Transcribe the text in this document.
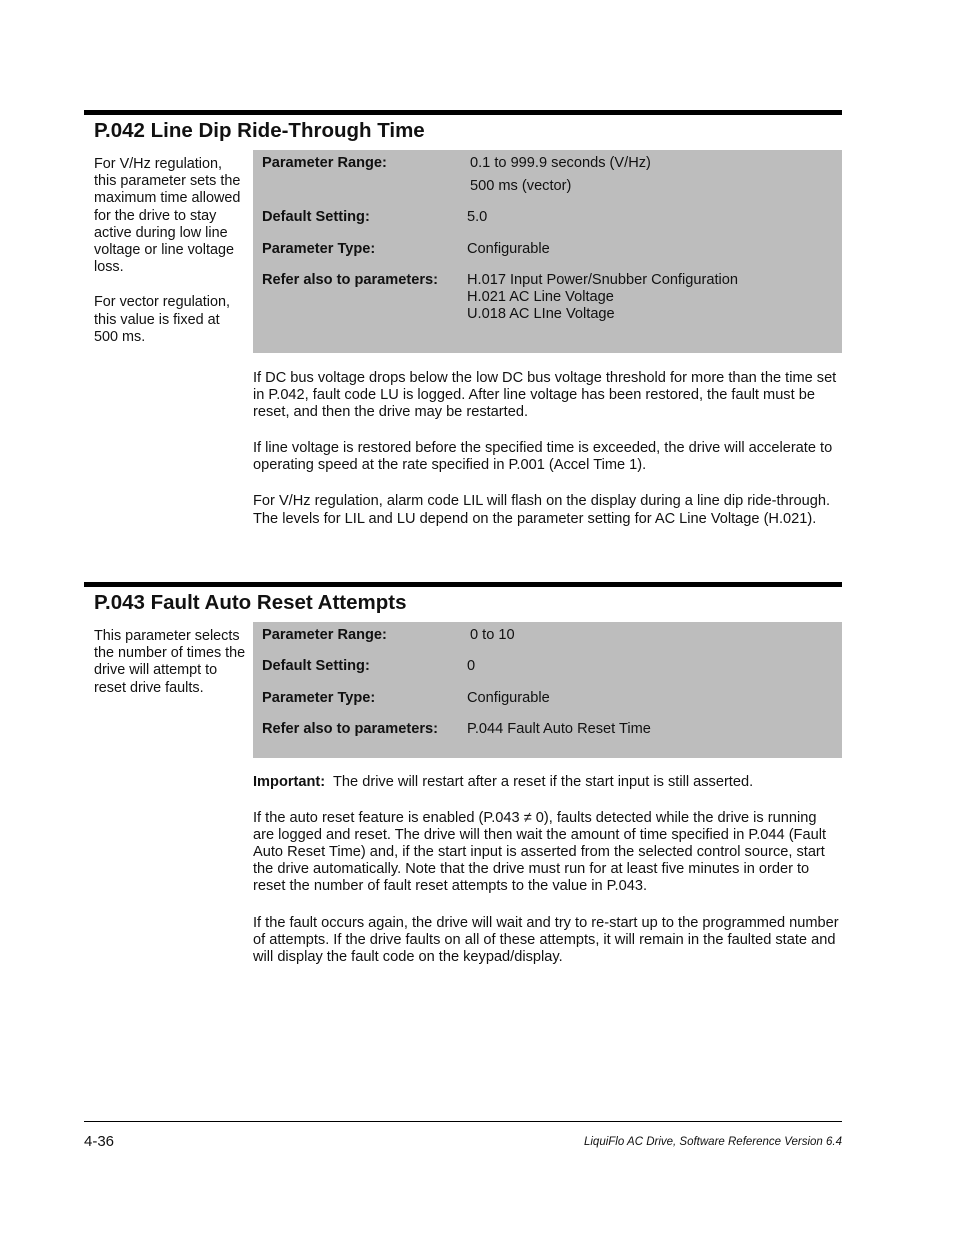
P.042 Line Dip Ride-Through Time

For V/Hz regulation, this parameter sets the maximum time allowed for the drive to stay active during low line voltage or line voltage loss.

For vector regulation, this value is fixed at 500 ms.

Parameter Range:	0.1 to 999.9 seconds (V/Hz)
500 ms (vector)
Default Setting:	5.0
Parameter Type:	Configurable
Refer also to parameters: H.017 Input Power/Snubber Configuration
H.021 AC Line Voltage
U.018 AC LIne Voltage

If DC bus voltage drops below the low DC bus voltage threshold for more than the time set in P.042, fault code LU is logged. After line voltage has been restored, the fault must be reset, and then the drive may be restarted.

If line voltage is restored before the specified time is exceeded, the drive will accelerate to operating speed at the rate specified in P.001 (Accel Time 1).

For V/Hz regulation, alarm code LIL will flash on the display during a line dip ride-through. The levels for LIL and LU depend on the parameter setting for AC Line Voltage (H.021).

P.043 Fault Auto Reset Attempts

This parameter selects the number of times the drive will attempt to reset drive faults.

Parameter Range:	0 to 10
Default Setting:	0
Parameter Type:	Configurable
Refer also to parameters: P.044 Fault Auto Reset Time

Important: The drive will restart after a reset if the start input is still asserted.

If the auto reset feature is enabled (P.043 ≠ 0), faults detected while the drive is running are logged and reset. The drive will then wait the amount of time specified in P.044 (Fault Auto Reset Time) and, if the start input is asserted from the selected control source, start the drive automatically. Note that the drive must run for at least five minutes in order to reset the number of fault reset attempts to the value in P.043.

If the fault occurs again, the drive will wait and try to re-start up to the programmed number of attempts. If the drive faults on all of these attempts, it will remain in the faulted state and will display the fault code on the keypad/display.

4-36	LiquiFlo AC Drive, Software Reference Version 6.4
